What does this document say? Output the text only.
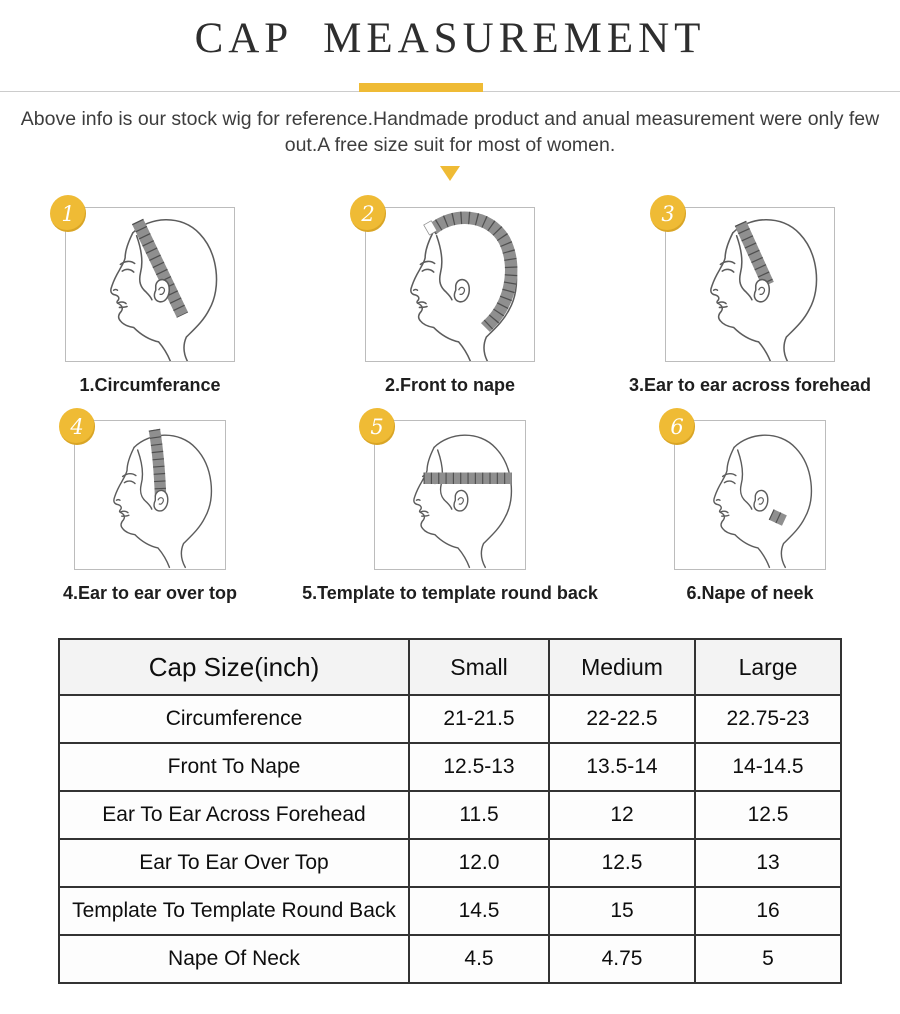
CAP  MEASUREMENT

Above info is our stock wig for reference.Handmade product and anual measurement were only few out.A free size suit for most of women.

1
1.Circumferance
2
2.Front to nape
3
3.Ear to ear across forehead
4
4.Ear to ear over top
5
5.Template to template round back
6
6.Nape of neek
Cap Size(inch)	Small	Medium	Large
Circumference	21-21.5	22-22.5	22.75-23
Front To Nape	12.5-13	13.5-14	14-14.5
Ear To Ear Across Forehead	11.5	12	12.5
Ear To Ear Over Top	12.0	12.5	13
Template To Template Round Back	14.5	15	16
Nape Of Neck	4.5	4.75	5
